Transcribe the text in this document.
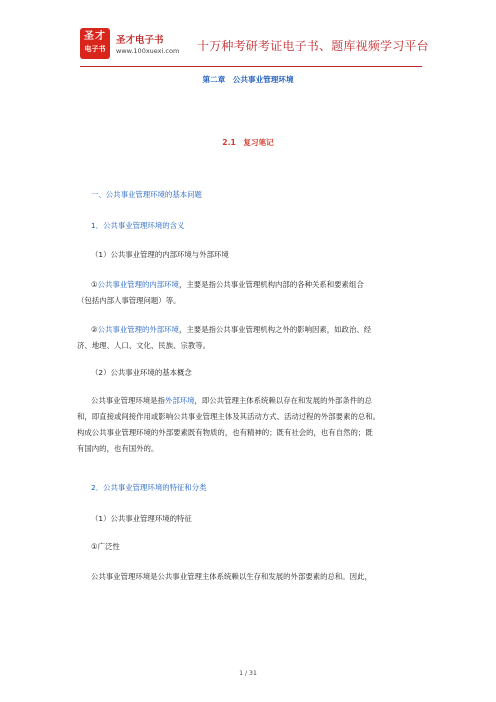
圣才
电子书
圣才电子书
www.100xuexi.com 十万种考研考证电子书、题库视频学习平台
第二章　公共事业管理环境
2.1　复习笔记
一、公共事业管理环境的基本问题
1．公共事业管理环境的含义
（1）公共事业管理的内部环境与外部环境
①公共事业管理的内部环境，主要是指公共事业管理机构内部的各种关系和要素组合
（包括内部人事管理问题）等。
②公共事业管理的外部环境，主要是指公共事业管理机构之外的影响因素，如政治、经
济、地理、人口、文化、民族、宗教等。
（2）公共事业环境的基本概念
公共事业管理环境是指外部环境，即公共管理主体系统赖以存在和发展的外部条件的总
和，即直接或间接作用或影响公共事业管理主体及其活动方式、活动过程的外部要素的总和。
构成公共事业管理环境的外部要素既有物质的，也有精神的；既有社会的，也有自然的；既
有国内的，也有国外的。
2．公共事业管理环境的特征和分类
（1）公共事业管理环境的特征
①广泛性
公共事业管理环境是公共事业管理主体系统赖以生存和发展的外部要素的总和。因此，
1 / 31
